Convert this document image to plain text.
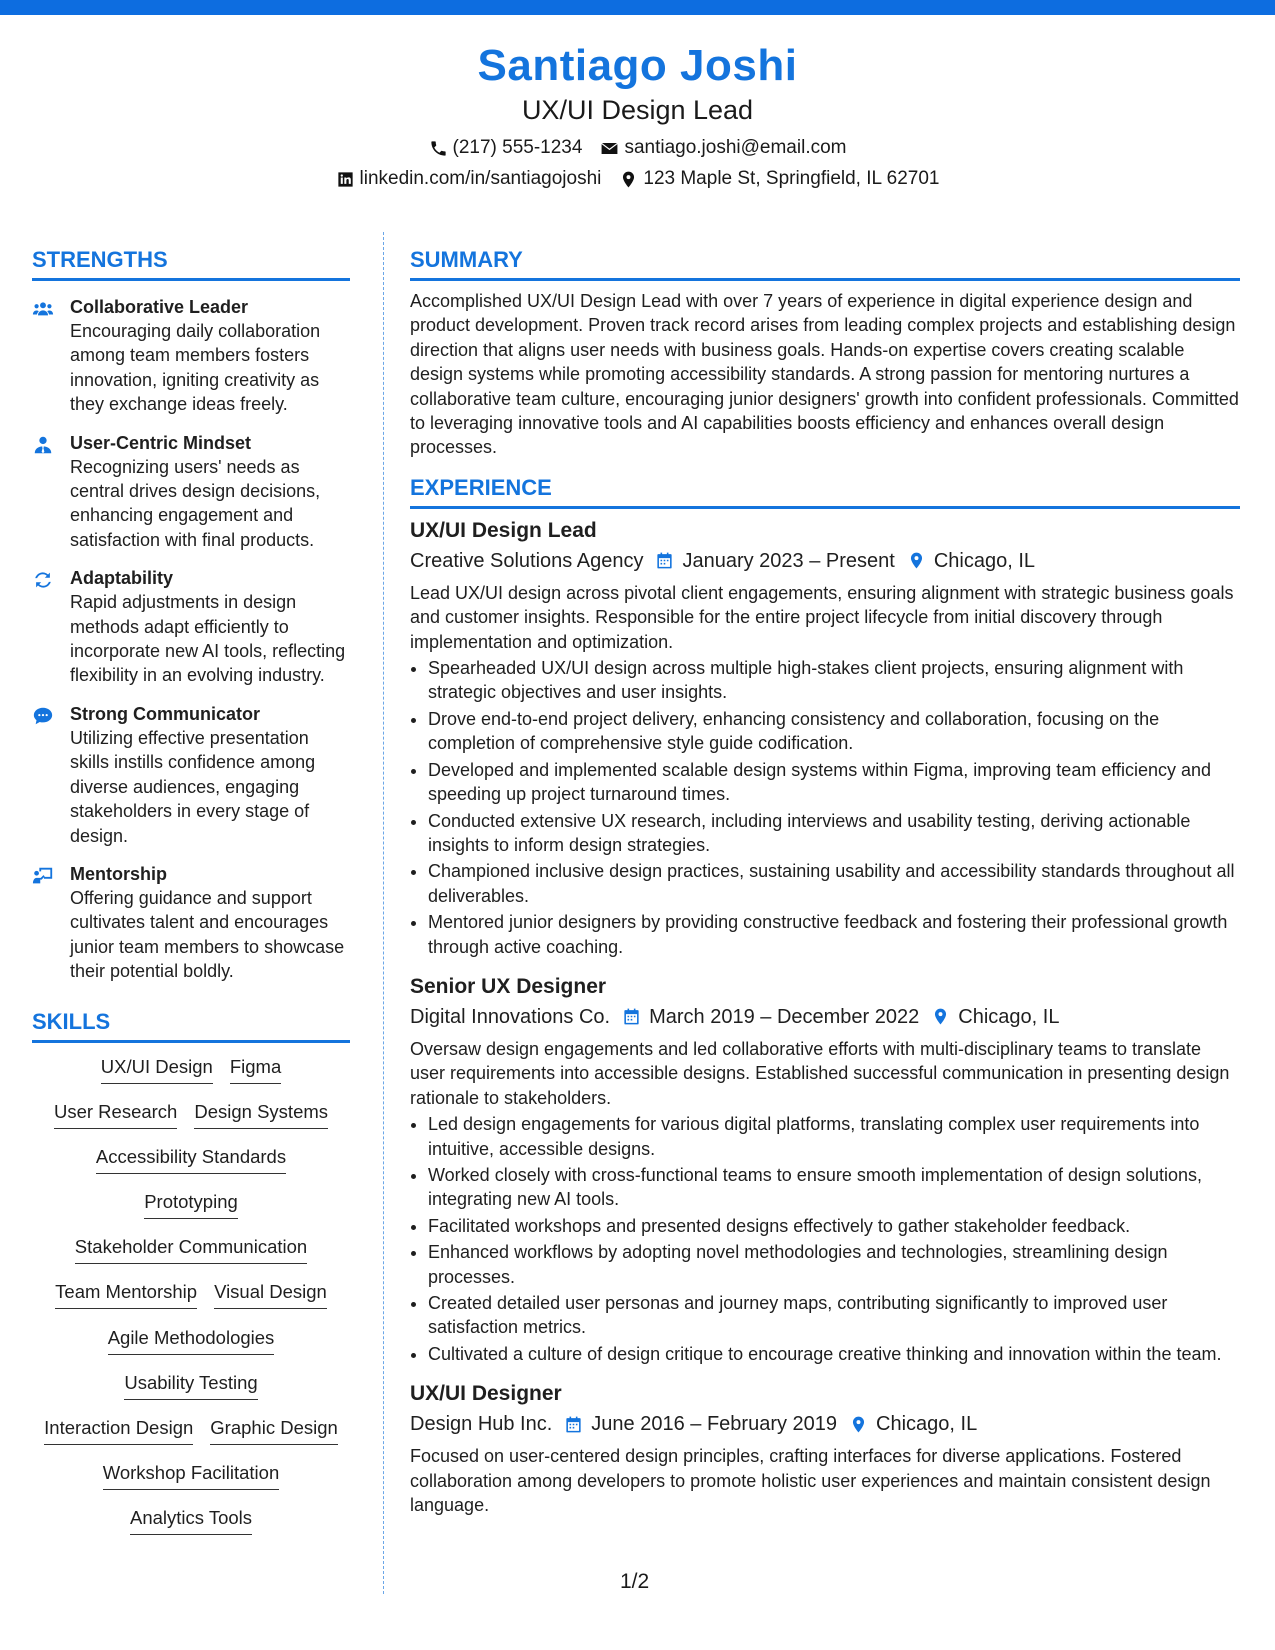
Santiago Joshi
UX/UI Design Lead
(217) 555-1234 santiago.joshi@email.com
linkedin.com/in/santiagojoshi 123 Maple St, Springfield, IL 62701
STRENGTHS
Collaborative Leader
Encouraging daily collaboration among team members fosters innovation, igniting creativity as they exchange ideas freely.
User-Centric Mindset
Recognizing users' needs as central drives design decisions, enhancing engagement and satisfaction with final products.
Adaptability
Rapid adjustments in design methods adapt efficiently to incorporate new AI tools, reflecting flexibility in an evolving industry.
Strong Communicator
Utilizing effective presentation skills instills confidence among diverse audiences, engaging stakeholders in every stage of design.
Mentorship
Offering guidance and support cultivates talent and encourages junior team members to showcase their potential boldly.
SKILLS
UX/UI Design Figma
User Research Design Systems
Accessibility Standards
Prototyping
Stakeholder Communication
Team Mentorship Visual Design
Agile Methodologies
Usability Testing
Interaction Design Graphic Design
Workshop Facilitation
Analytics Tools
SUMMARY
Accomplished UX/UI Design Lead with over 7 years of experience in digital experience design and product development. Proven track record arises from leading complex projects and establishing design direction that aligns user needs with business goals. Hands-on expertise covers creating scalable design systems while promoting accessibility standards. A strong passion for mentoring nurtures a collaborative team culture, encouraging junior designers' growth into confident professionals. Committed to leveraging innovative tools and AI capabilities boosts efficiency and enhances overall design processes.
EXPERIENCE
UX/UI Design Lead
Creative Solutions Agency January 2023 – Present Chicago, IL
Lead UX/UI design across pivotal client engagements, ensuring alignment with strategic business goals and customer insights. Responsible for the entire project lifecycle from initial discovery through implementation and optimization.
• Spearheaded UX/UI design across multiple high-stakes client projects, ensuring alignment with strategic objectives and user insights.
• Drove end-to-end project delivery, enhancing consistency and collaboration, focusing on the completion of comprehensive style guide codification.
• Developed and implemented scalable design systems within Figma, improving team efficiency and speeding up project turnaround times.
• Conducted extensive UX research, including interviews and usability testing, deriving actionable insights to inform design strategies.
• Championed inclusive design practices, sustaining usability and accessibility standards throughout all deliverables.
• Mentored junior designers by providing constructive feedback and fostering their professional growth through active coaching.
Senior UX Designer
Digital Innovations Co. March 2019 – December 2022 Chicago, IL
Oversaw design engagements and led collaborative efforts with multi-disciplinary teams to translate user requirements into accessible designs. Established successful communication in presenting design rationale to stakeholders.
• Led design engagements for various digital platforms, translating complex user requirements into intuitive, accessible designs.
• Worked closely with cross-functional teams to ensure smooth implementation of design solutions, integrating new AI tools.
• Facilitated workshops and presented designs effectively to gather stakeholder feedback.
• Enhanced workflows by adopting novel methodologies and technologies, streamlining design processes.
• Created detailed user personas and journey maps, contributing significantly to improved user satisfaction metrics.
• Cultivated a culture of design critique to encourage creative thinking and innovation within the team.
UX/UI Designer
Design Hub Inc. June 2016 – February 2019 Chicago, IL
Focused on user-centered design principles, crafting interfaces for diverse applications. Fostered collaboration among developers to promote holistic user experiences and maintain consistent design language.
1/2
